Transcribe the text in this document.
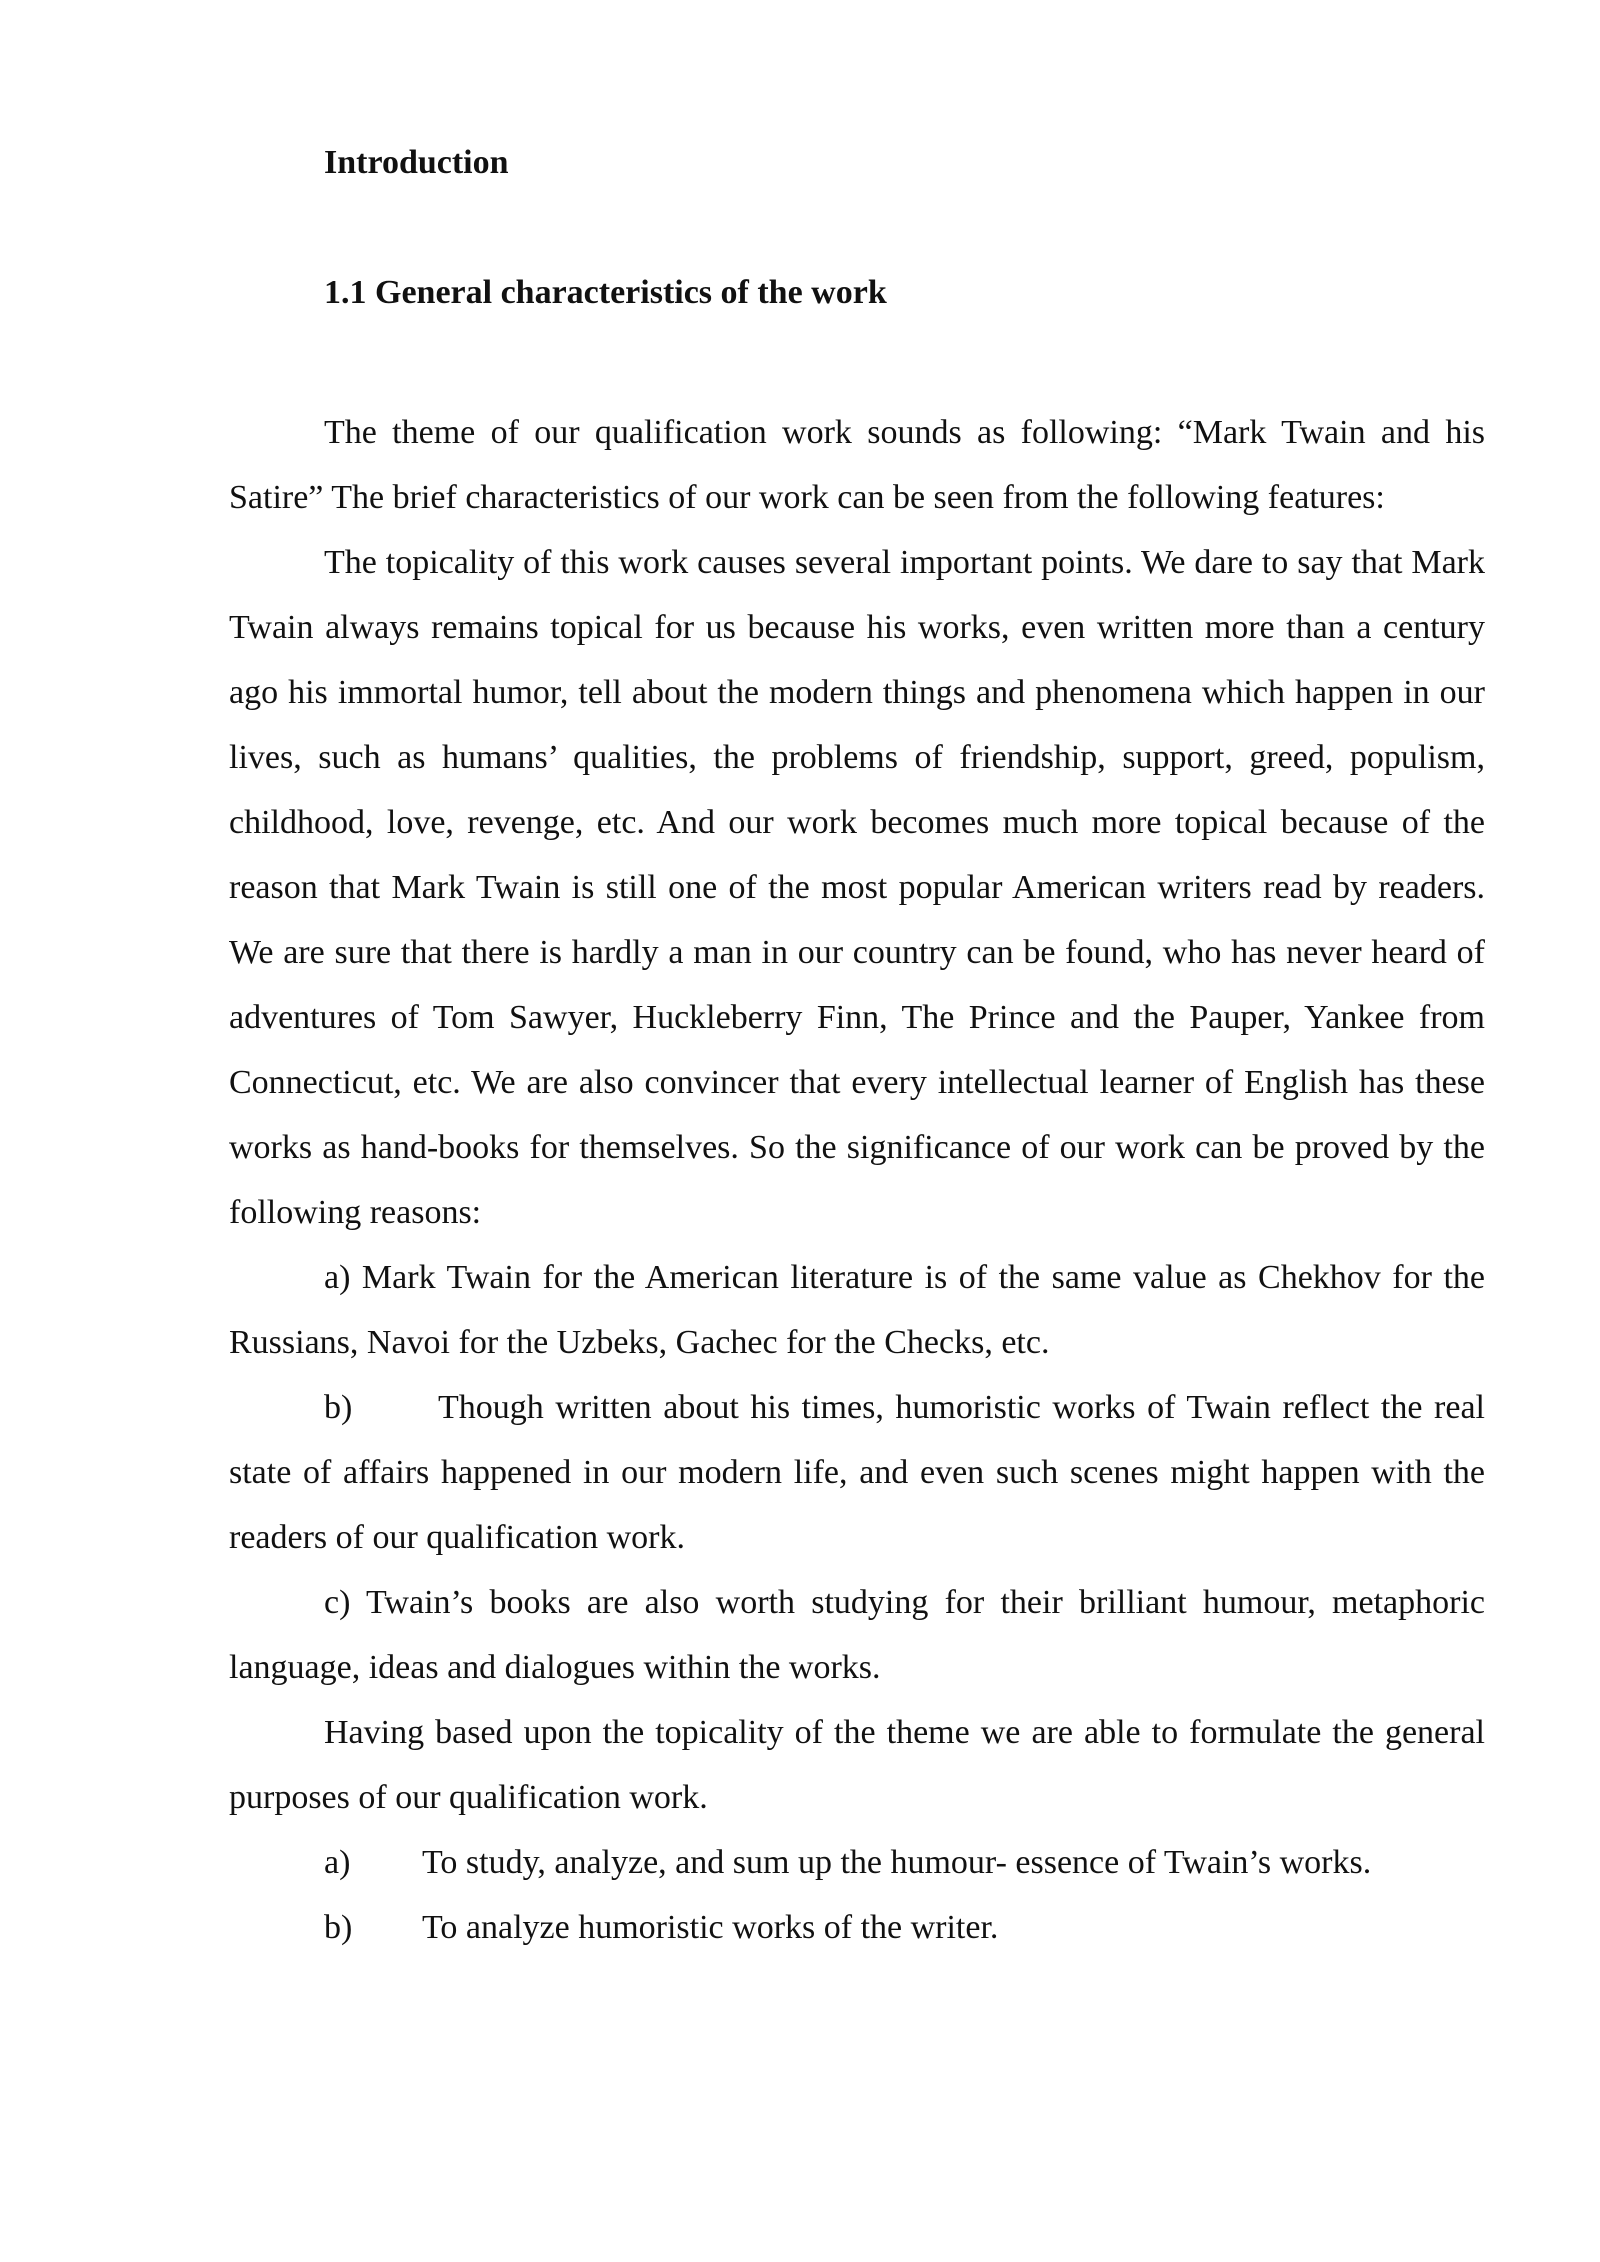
Introduction
1.1 General characteristics of the work

The theme of our qualification work sounds as following: “Mark Twain and his Satire” The brief characteristics of our work can be seen from the following features:

The topicality of this work causes several important points. We dare to say that Mark Twain always remains topical for us because his works, even written more than a century ago his immortal humor, tell about the modern things and phenomena which happen in our lives, such as humans’ qualities, the problems of friendship, support, greed, populism, childhood, love, revenge, etc. And our work becomes much more topical because of the reason that Mark Twain is still one of the most popular American writers read by readers. We are sure that there is hardly a man in our country can be found, who has never heard of adventures of Tom Sawyer, Huckleberry Finn, The Prince and the Pauper, Yankee from Connecticut, etc. We are also convincer that every intellectual learner of English has these works as hand-books for themselves. So the significance of our work can be proved by the following reasons:

a) Mark Twain for the American literature is of the same value as Chekhov for the Russians, Navoi for the Uzbeks, Gachec for the Checks, etc.

b)	Though written about his times, humoristic works of Twain reflect the real state of affairs happened in our modern life, and even such scenes might happen with the readers of our qualification work.

c) Twain’s books are also worth studying for their brilliant humour, metaphoric language, ideas and dialogues within the works.

Having based upon the topicality of the theme we are able to formulate the general purposes of our qualification work.

a) To study, analyze, and sum up the humour- essence of Twain’s works.

b) To analyze humoristic works of the writer.
